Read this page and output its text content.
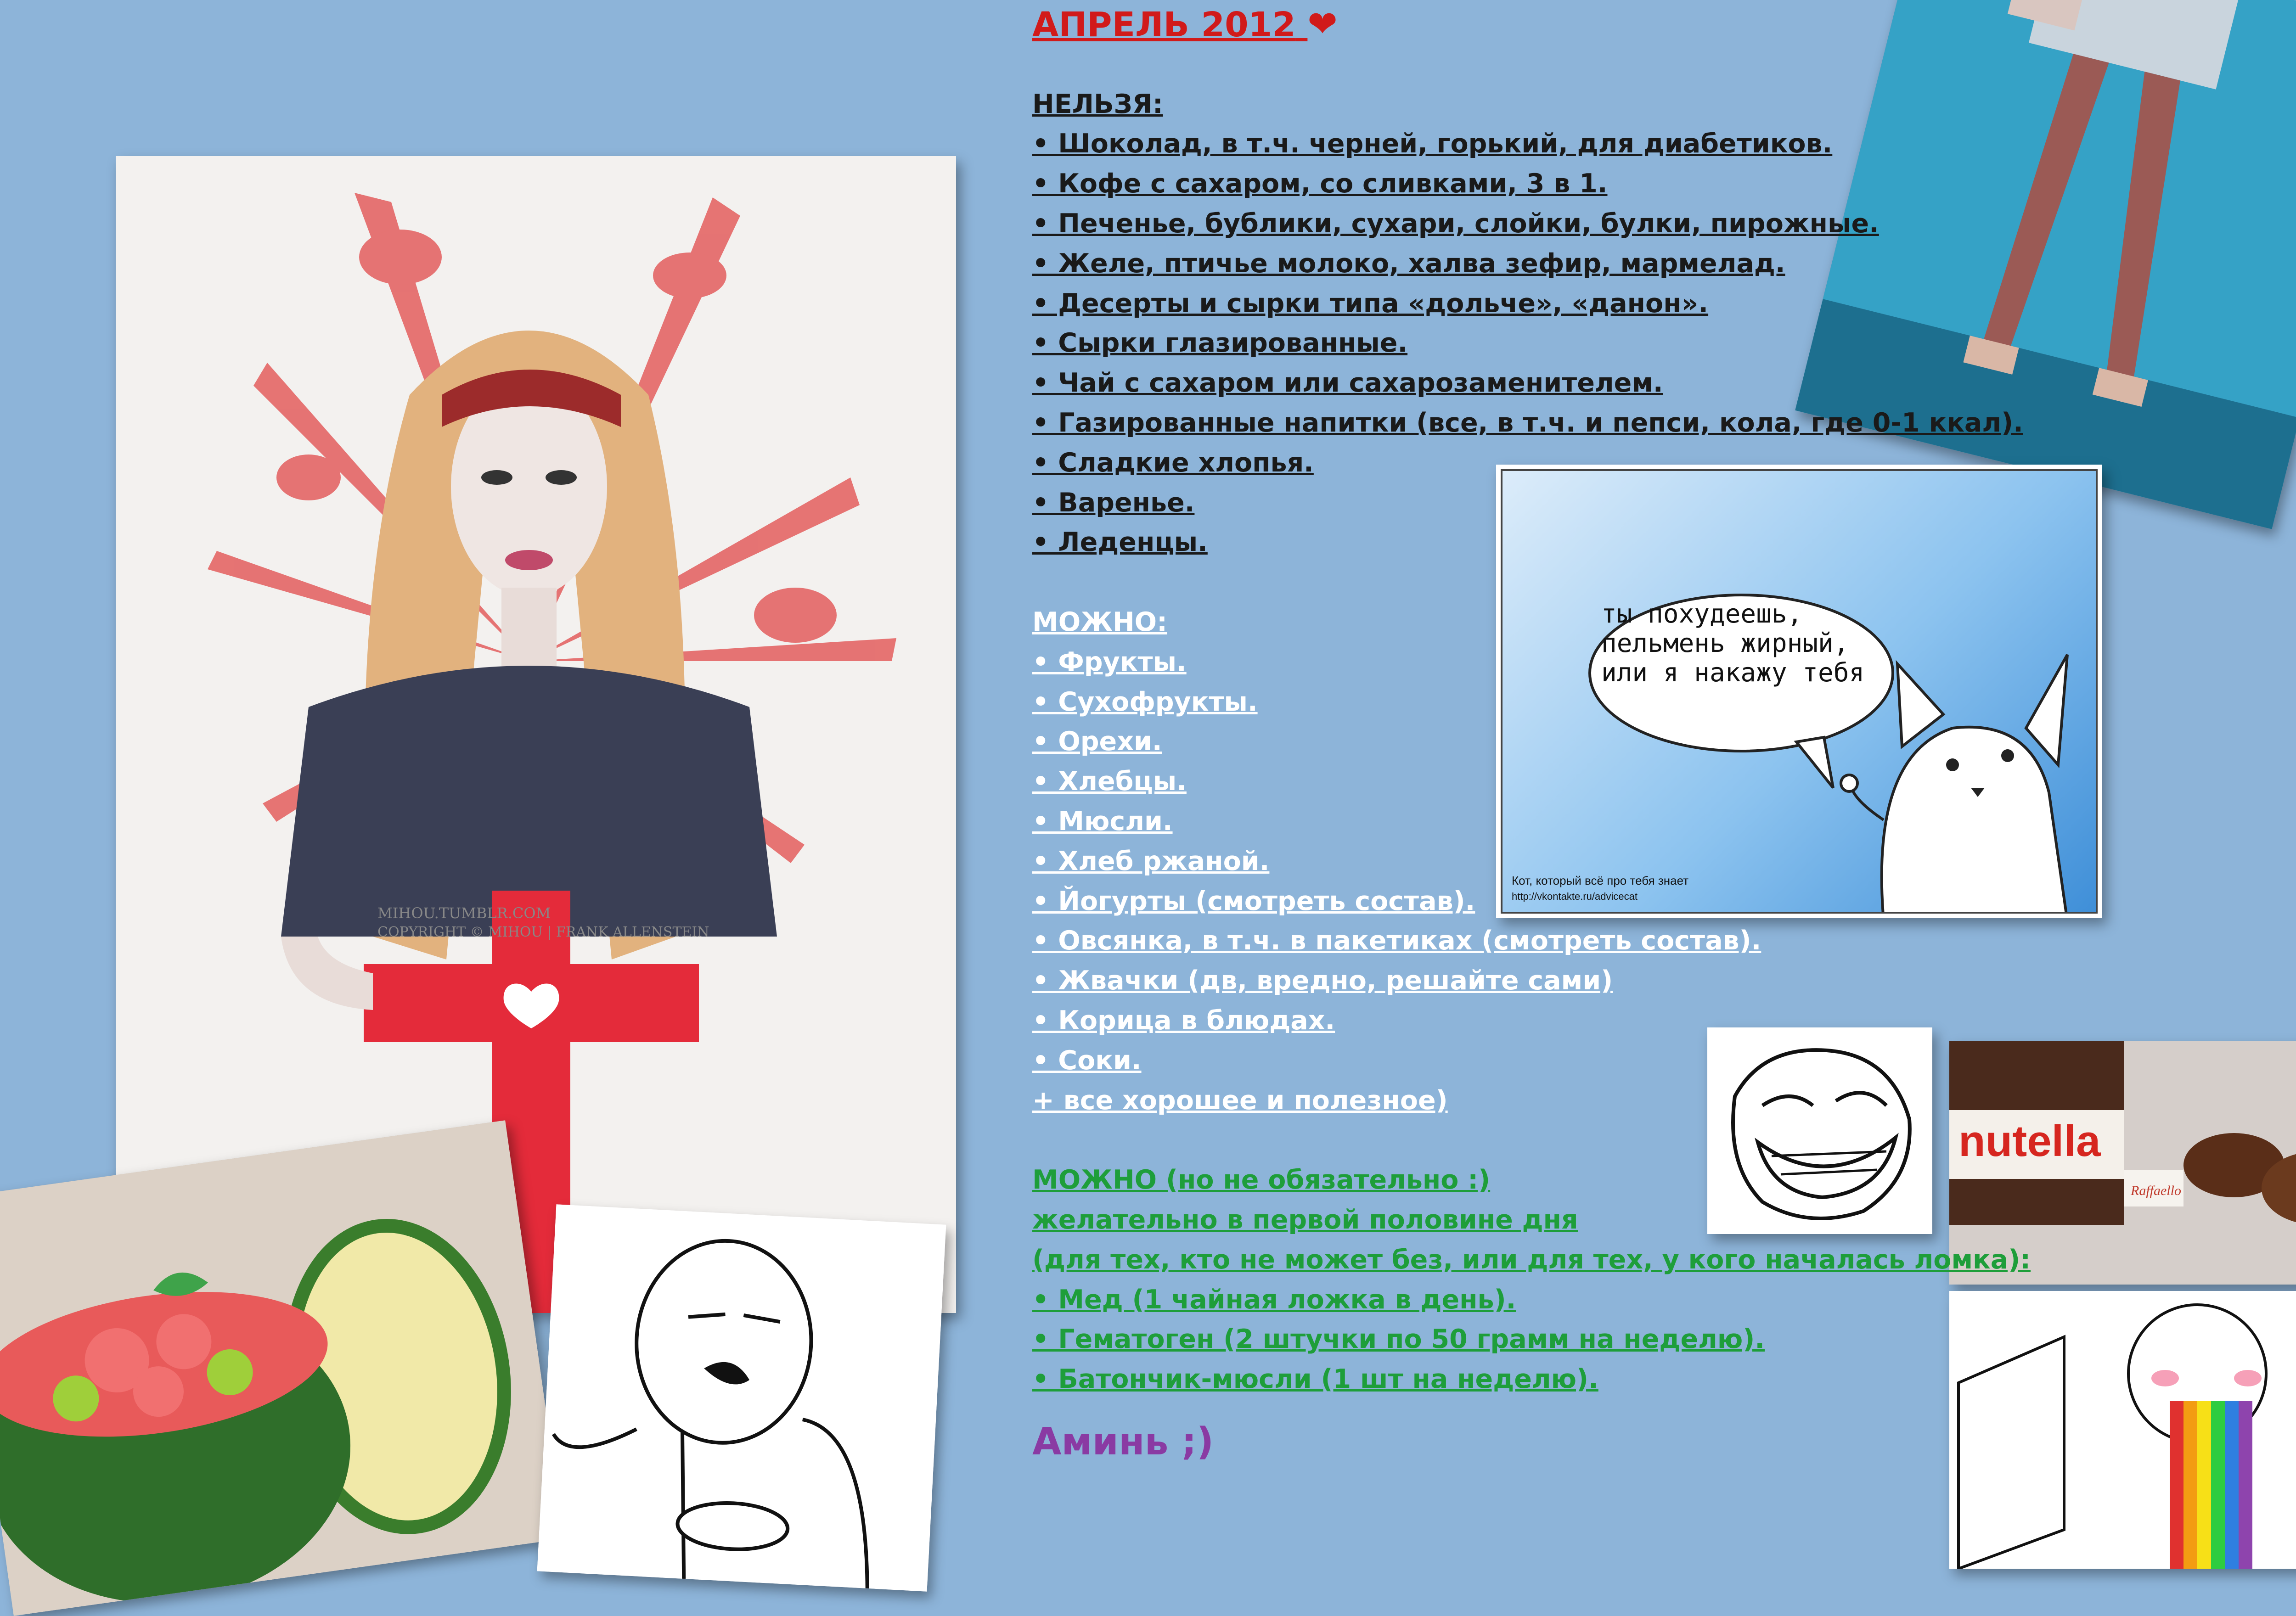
MIHOU.TUMBLR.COM
COPYRIGHT © MIHOU | FRANK ALLENSTEIN
ты похудеешь,
пельмень жирный,
или я накажу тебя
Кот, который всё про тебя знает
http://vkontakte.ru/advicecat
nutella
Raffaello
АПРЕЛЬ 2012 ❤
НЕЛЬЗЯ:
• Шоколад, в т.ч. черней, горький, для диабетиков.
• Кофе с сахаром, со сливками, 3 в 1.
• Печенье, бублики, сухари, слойки, булки, пирожные.
• Желе, птичье молоко, халва зефир, мармелад.
• Десерты и сырки типа «дольче», «данон».
• Сырки глазированные.
• Чай с сахаром или сахарозаменителем.
• Газированные напитки (все, в т.ч. и пепси, кола, где 0-1 ккал).
• Сладкие хлопья.
• Варенье.
• Леденцы.
МОЖНО:
• Фрукты.
• Сухофрукты.
• Орехи.
• Хлебцы.
• Мюсли.
• Хлеб ржаной.
• Йогурты (смотреть состав).
• Овсянка, в т.ч. в пакетиках (смотреть состав).
• Жвачки (дв, вредно, решайте сами)
• Корица в блюдах.
• Соки.
+ все хорошее и полезное)
МОЖНО (но не обязательно :)
желательно в первой половине дня
(для тех, кто не может без, или для тех, у кого началась ломка):
• Мед (1 чайная ложка в день).
• Гематоген (2 штучки по 50 грамм на неделю).
• Батончик-мюсли (1 шт на неделю).
Аминь ;)
